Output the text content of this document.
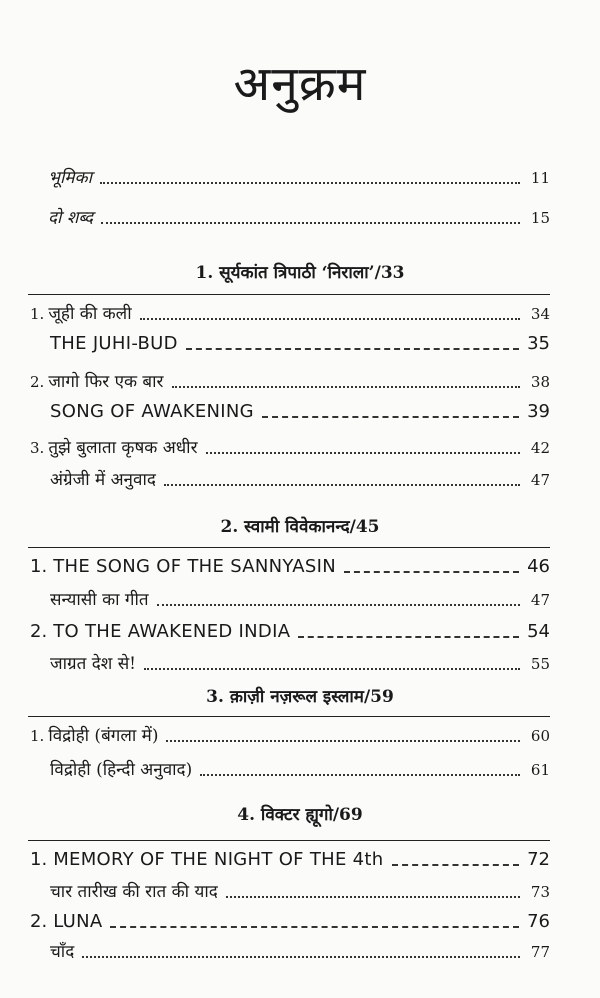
अनुक्रम
भूमिका	11
दो शब्द	15
1. सूर्यकांत त्रिपाठी ‘निराला’/33
1. जूही की कली	34
THE JUHI-BUD	35
2. जागो फिर एक बार	38
SONG OF AWAKENING	39
3. तुझे बुलाता कृषक अधीर	42
अंग्रेजी में अनुवाद	47
2. स्वामी विवेकानन्द/45
1. THE SONG OF THE SANNYASIN	46
सन्यासी का गीत	47
2. TO THE AWAKENED INDIA	54
जाग्रत देश से!	55
3. क़ाज़ी नज़रूल इस्लाम/59
1. विद्रोही (बंगला में)	60
विद्रोही (हिन्दी अनुवाद)	61
4. विक्टर ह्यूगो/69
1. MEMORY OF THE NIGHT OF THE 4th	72
चार तारीख की रात की याद	73
2. LUNA	76
चाँद	77
